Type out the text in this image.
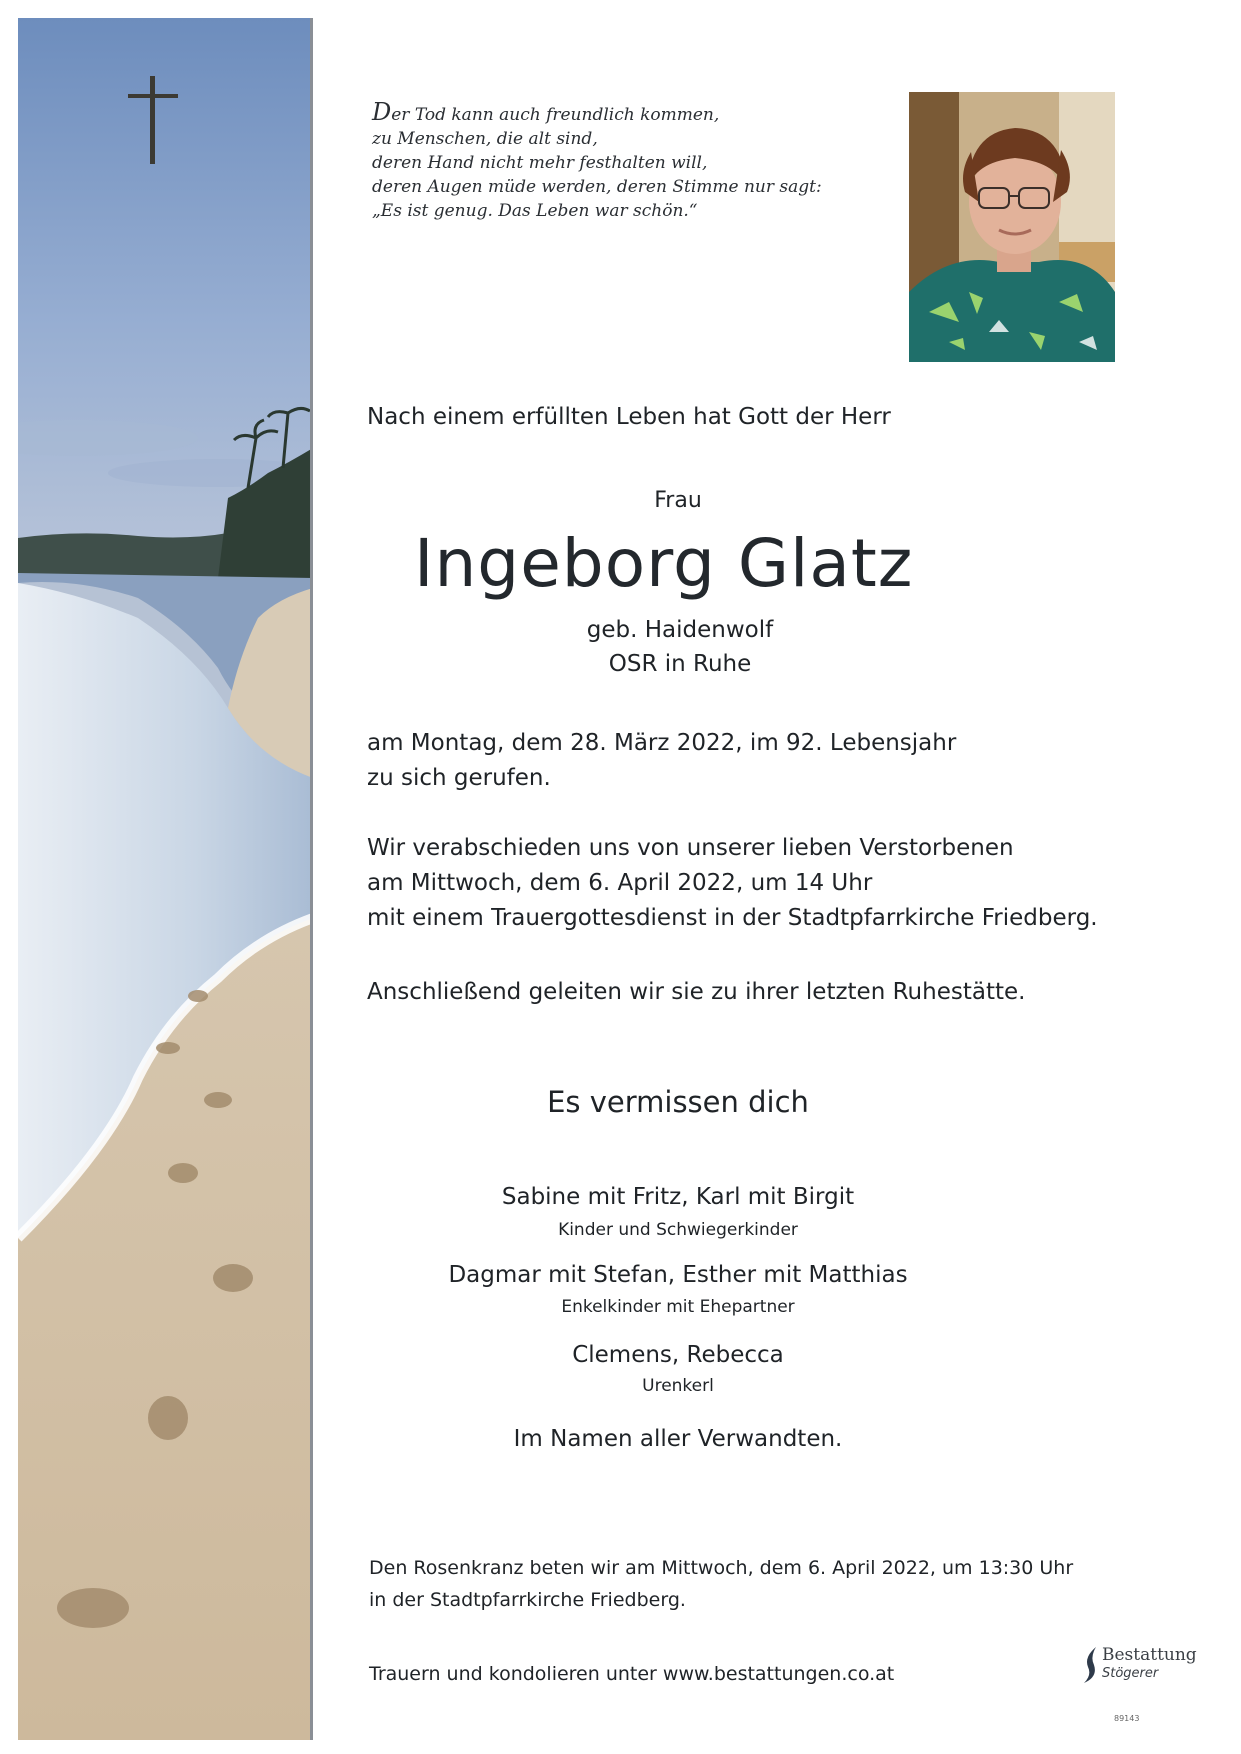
Der Tod kann auch freundlich kommen,
zu Menschen, die alt sind,
deren Hand nicht mehr festhalten will,
deren Augen müde werden, deren Stimme nur sagt:
„Es ist genug. Das Leben war schön.“
Nach einem erfüllten Leben hat Gott der Herr
Frau
Ingeborg Glatz
geb. Haidenwolf
OSR in Ruhe
am Montag, dem 28. März 2022, im 92. Lebensjahr
zu sich gerufen.
Wir verabschieden uns von unserer lieben Verstorbenen
am Mittwoch, dem 6. April 2022, um 14 Uhr
mit einem Trauergottesdienst in der Stadtpfarrkirche Friedberg.
Anschließend geleiten wir sie zu ihrer letzten Ruhestätte.
Es vermissen dich
Sabine mit Fritz, Karl mit Birgit
Kinder und Schwiegerkinder
Dagmar mit Stefan, Esther mit Matthias
Enkelkinder mit Ehepartner
Clemens, Rebecca
Urenkerl
Im Namen aller Verwandten.
Den Rosenkranz beten wir am Mittwoch, dem 6. April 2022, um 13:30 Uhr
in der Stadtpfarrkirche Friedberg.
Trauern und kondolieren unter www.bestattungen.co.at
Bestattung
Stögerer
89143
